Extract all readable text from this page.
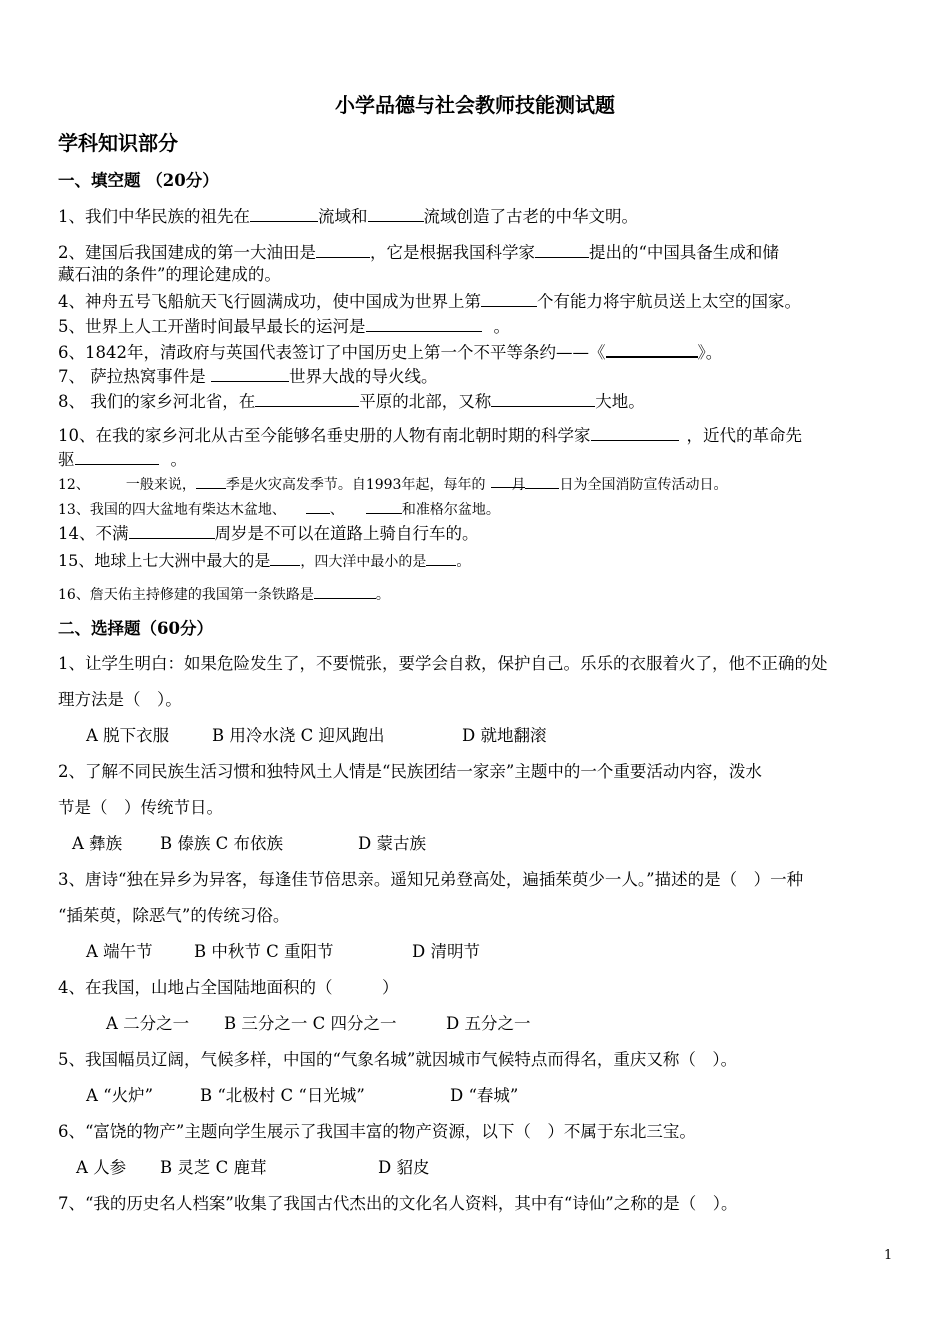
小学品德与社会教师技能测试题
学科知识部分
一、填空题 （20分）
1、我们中华民族的祖先在	流域和	流域创造了古老的中华文明。
2、建国后我国建成的第一大油田是	，它是根据我国科学家	提出的“中国具备生成和储
藏石油的条件”的理论建成的。
4、神舟五号飞船航天飞行圆满成功，使中国成为世界上第	个有能力将宇航员送上太空的国家。
5、世界上人工开凿时间最早最长的运河是	。
6、1842年，清政府与英国代表签订了中国历史上第一个不平等条约——《	》。
7、 萨拉热窝事件是	世界大战的导火线。
8、 我们的家乡河北省，在	平原的北部，又称	大地。
10、在我的家乡河北从古至今能够名垂史册的人物有南北朝时期的科学家	，近代的革命先
驱	。
12、	一般来说， 季是火灾高发季节。自1993年起，每年的 月 日为全国消防宣传活动日。
13、我国的四大盆地有柴达木盆地、	、	和准格尔盆地。
14、不满	周岁是不可以在道路上骑自行车的。
15、地球上七大洲中最大的是 ，四大洋中最小的是 。
16、詹天佑主持修建的我国第一条铁路是	。
二、选择题（60分）
1、让学生明白：如果危险发生了，不要慌张，要学会自救，保护自己。乐乐的衣服着火了，他不正确的处
理方法是（　）。
A 脱下衣服	B 用冷水浇 C 迎风跑出	D 就地翻滚
2、了解不同民族生活习惯和独特风土人情是“民族团结一家亲”主题中的一个重要活动内容，泼水
节是（　）传统节日。
A 彝族 B 傣族 C 布依族	D 蒙古族
3、唐诗“独在异乡为异客，每逢佳节倍思亲。遥知兄弟登高处，遍插茱萸少一人。”描述的是（　）一种
“插茱萸，除恶气”的传统习俗。
A 端午节	B 中秋节 C 重阳节	D 清明节
4、在我国，山地占全国陆地面积的（　　　）
A 二分之一 B 三分之一 C 四分之一	D 五分之一
5、我国幅员辽阔，气候多样，中国的“气象名城”就因城市气候特点而得名，重庆又称（　）。
A “火炉”	B “北极村 C “日光城”	D “春城”
6、“富饶的物产”主题向学生展示了我国丰富的物产资源，以下（　）不属于东北三宝。
A 人参 B 灵芝 C 鹿茸	D 貂皮
7、“我的历史名人档案”收集了我国古代杰出的文化名人资料，其中有“诗仙”之称的是（　）。
1
